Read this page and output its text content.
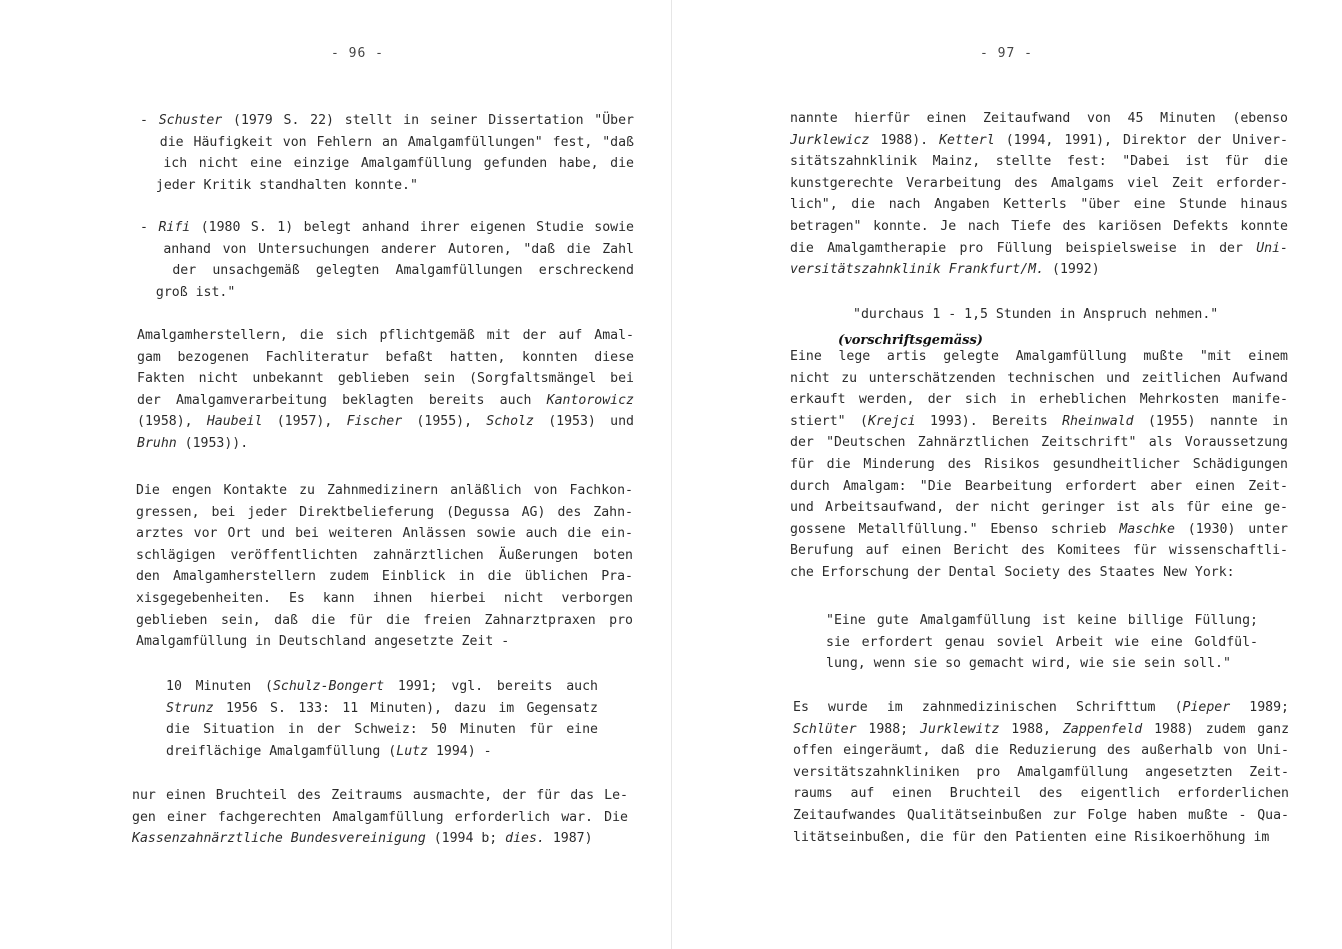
- 96 -
- Schuster (1979 S. 22) stellt in seiner Dissertation "Über
die Häufigkeit von Fehlern an Amalgamfüllungen" fest, "daß
ich nicht eine einzige Amalgamfüllung gefunden habe, die
jeder Kritik standhalten konnte."
- Rifi (1980 S. 1) belegt anhand ihrer eigenen Studie sowie
anhand von Untersuchungen anderer Autoren, "daß die Zahl
der unsachgemäß gelegten Amalgamfüllungen erschreckend
groß ist."
Amalgamherstellern, die sich pflichtgemäß mit der auf Amal-
gam bezogenen Fachliteratur befaßt hatten, konnten diese
Fakten nicht unbekannt geblieben sein (Sorgfaltsmängel bei
der Amalgamverarbeitung beklagten bereits auch Kantorowicz
(1958), Haubeil (1957), Fischer (1955), Scholz (1953) und
Bruhn (1953)).
Die engen Kontakte zu Zahnmedizinern anläßlich von Fachkon-
gressen, bei jeder Direktbelieferung (Degussa AG) des Zahn-
arztes vor Ort und bei weiteren Anlässen sowie auch die ein-
schlägigen veröffentlichten zahnärztlichen Äußerungen boten
den Amalgamherstellern zudem Einblick in die üblichen Pra-
xisgegebenheiten. Es kann ihnen hierbei nicht verborgen
geblieben sein, daß die für die freien Zahnarztpraxen pro
Amalgamfüllung in Deutschland angesetzte Zeit -
10 Minuten (Schulz-Bongert 1991; vgl. bereits auch
Strunz 1956 S. 133: 11 Minuten), dazu im Gegensatz
die Situation in der Schweiz: 50 Minuten für eine
dreiflächige Amalgamfüllung (Lutz 1994) -
nur einen Bruchteil des Zeitraums ausmachte, der für das Le-
gen einer fachgerechten Amalgamfüllung erforderlich war. Die
Kassenzahnärztliche Bundesvereinigung (1994 b; dies. 1987)
- 97 -
nannte hierfür einen Zeitaufwand von 45 Minuten (ebenso
Jurklewicz 1988). Ketterl (1994, 1991), Direktor der Univer-
sitätszahnklinik Mainz, stellte fest: "Dabei ist für die
kunstgerechte Verarbeitung des Amalgams viel Zeit erforder-
lich", die nach Angaben Ketterls "über eine Stunde hinaus
betragen" konnte. Je nach Tiefe des kariösen Defekts konnte
die Amalgamtherapie pro Füllung beispielsweise in der Uni-
versitätszahnklinik Frankfurt/M. (1992)
"durchaus 1 - 1,5 Stunden in Anspruch nehmen."
(vorschriftsgemäss)
Eine lege artis gelegte Amalgamfüllung mußte "mit einem
nicht zu unterschätzenden technischen und zeitlichen Aufwand
erkauft werden, der sich in erheblichen Mehrkosten manife-
stiert" (Krejci 1993). Bereits Rheinwald (1955) nannte in
der "Deutschen Zahnärztlichen Zeitschrift" als Voraussetzung
für die Minderung des Risikos gesundheitlicher Schädigungen
durch Amalgam: "Die Bearbeitung erfordert aber einen Zeit-
und Arbeitsaufwand, der nicht geringer ist als für eine ge-
gossene Metallfüllung." Ebenso schrieb Maschke (1930) unter
Berufung auf einen Bericht des Komitees für wissenschaftli-
che Erforschung der Dental Society des Staates New York:
"Eine gute Amalgamfüllung ist keine billige Füllung;
sie erfordert genau soviel Arbeit wie eine Goldfül-
lung, wenn sie so gemacht wird, wie sie sein soll."
Es wurde im zahnmedizinischen Schrifttum (Pieper 1989;
Schlüter 1988; Jurklewitz 1988, Zappenfeld 1988) zudem ganz
offen eingeräumt, daß die Reduzierung des außerhalb von Uni-
versitätszahnkliniken pro Amalgamfüllung angesetzten Zeit-
raums auf einen Bruchteil des eigentlich erforderlichen
Zeitaufwandes Qualitätseinbußen zur Folge haben mußte - Qua-
litätseinbußen, die für den Patienten eine Risikoerhöhung im
